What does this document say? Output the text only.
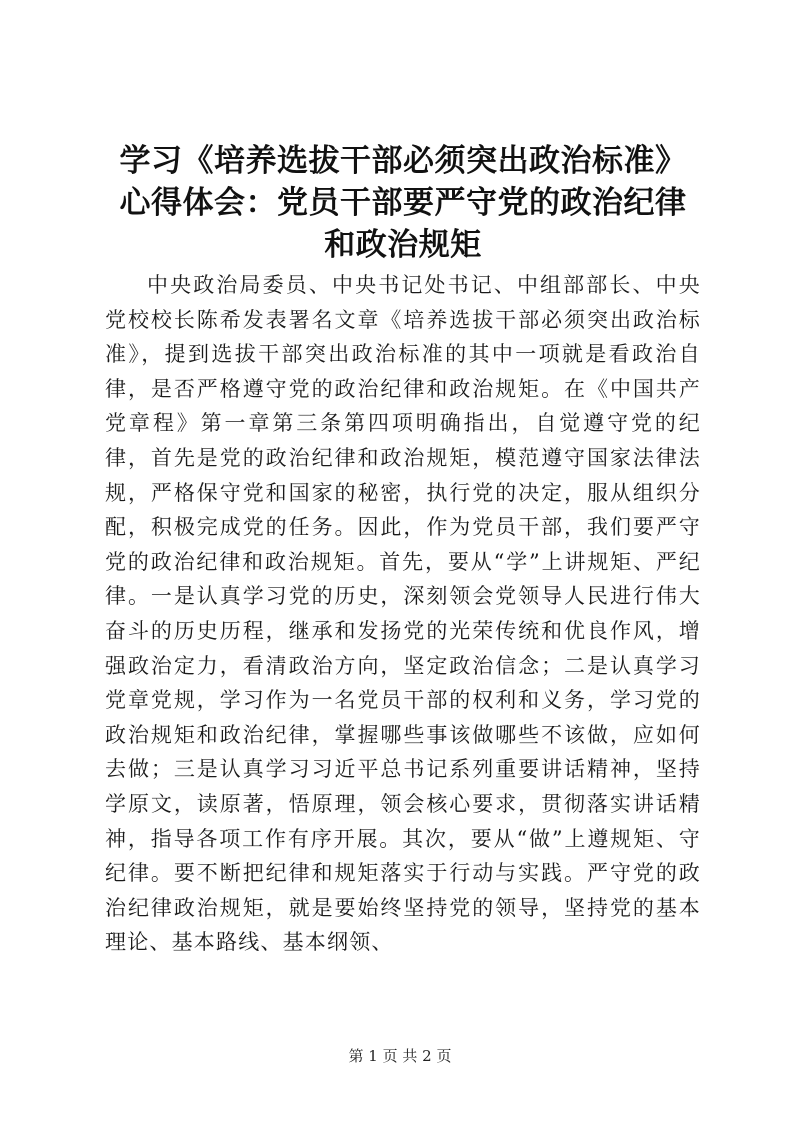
学习《培养选拔干部必须突出政治标准》心得体会：党员干部要严守党的政治纪律和政治规矩

中央政治局委员、中央书记处书记、中组部部长、中央党校校长陈希发表署名文章《培养选拔干部必须突出政治标准》，提到选拔干部突出政治标准的其中一项就是看政治自律，是否严格遵守党的政治纪律和政治规矩。在《中国共产党章程》第一章第三条第四项明确指出，自觉遵守党的纪律，首先是党的政治纪律和政治规矩，模范遵守国家法律法规，严格保守党和国家的秘密，执行党的决定，服从组织分配，积极完成党的任务。因此，作为党员干部，我们要严守党的政治纪律和政治规矩。首先，要从“学”上讲规矩、严纪律。一是认真学习党的历史，深刻领会党领导人民进行伟大奋斗的历史历程，继承和发扬党的光荣传统和优良作风，增强政治定力，看清政治方向，坚定政治信念；二是认真学习党章党规，学习作为一名党员干部的权利和义务，学习党的政治规矩和政治纪律，掌握哪些事该做哪些不该做，应如何去做；三是认真学习习近平总书记系列重要讲话精神，坚持学原文，读原著，悟原理，领会核心要求，贯彻落实讲话精神，指导各项工作有序开展。其次，要从“做”上遵规矩、守纪律。要不断把纪律和规矩落实于行动与实践。严守党的政治纪律政治规矩，就是要始终坚持党的领导，坚持党的基本理论、基本路线、基本纲领、

第 1 页 共 2 页
